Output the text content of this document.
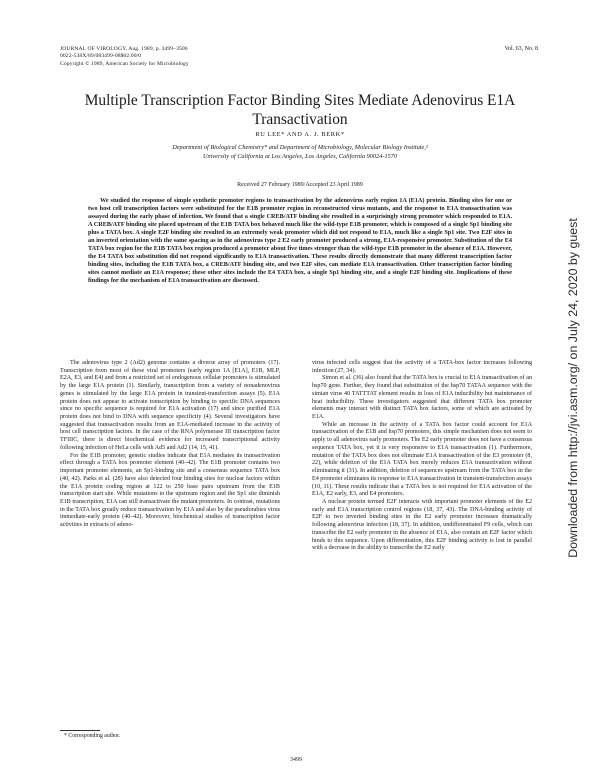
JOURNAL OF VIROLOGY, Aug. 1989, p. 3499–3506
0022-538X/89/083499-08$02.00/0
Copyright © 1989, American Society for Microbiology
Vol. 63, No. 8
Multiple Transcription Factor Binding Sites Mediate Adenovirus E1A Transactivation
RU LEE* AND A. J. BERK*
Department of Biological Chemistry* and Department of Microbiology, Molecular Biology Institute,²
University of California at Los Angeles, Los Angeles, California 90024-1570
Received 27 February 1989/Accepted 23 April 1989
We studied the response of simple synthetic promoter regions to transactivation by the adenovirus early region 1A (E1A) protein. Binding sites for one or two host cell transcription factors were substituted for the E1B promoter region in reconstructed virus mutants, and the response to E1A transactivation was assayed during the early phase of infection. We found that a single CREB/ATF binding site resulted in a surprisingly strong promoter which responded to E1A. A CREB/ATF binding site placed upstream of the E1B TATA box behaved much like the wild-type E1B promoter, which is composed of a single Sp1 binding site plus a TATA box. A single E2F binding site resulted in an extremely weak promoter which did not respond to E1A, much like a single Sp1 site. Two E2F sites in an inverted orientation with the same spacing as in the adenovirus type 2 E2 early promoter produced a strong, E1A-responsive promoter. Substitution of the E4 TATA box region for the E1B TATA box region produced a promoter about five times stronger than the wild-type E1B promoter in the absence of E1A. However, the E4 TATA box substitution did not respond significantly to E1A transactivation. These results directly demonstrate that many different transcription factor binding sites, including the E1B TATA box, a CREB/ATF binding site, and two E2F sites, can mediate E1A transactivation. Other transcription factor binding sites cannot mediate an E1A response; these other sites include the E4 TATA box, a single Sp1 binding site, and a single E2F binding site. Implications of these findings for the mechanism of E1A transactivation are discussed.

The adenovirus type 2 (Ad2) genome contains a diverse array of promoters (17). Transcription from most of these viral promoters (early region 1A [E1A], E1B, MLP, E2A, E3, and E4) and from a restricted set of endogenous cellular promoters is stimulated by the large E1A protein (1). Similarly, transcription from a variety of nonadenovirus genes is stimulated by the large E1A protein in transient-transfection assays (5). E1A protein does not appear to activate transcription by binding to specific DNA sequences since no specific sequence is required for E1A activation (17) and since purified E1A protein does not bind to DNA with sequence specificity (4). Several investigators have suggested that transactivation results from an E1A-mediated increase in the activity of host cell transcription factors. In the case of the RNA polymerase III transcription factor TFIIIC, there is direct biochemical evidence for increased transcriptional activity following infection of HeLa cells with Ad5 and Ad2 (14, 15, 41).

For the E1B promoter, genetic studies indicate that E1A mediates its transactivation effect through a TATA box promoter element (40–42). The E1B promoter contains two important promoter elements, an Sp1-binding site and a consensus sequence TATA box (40, 42). Parks et al. (28) have also detected four binding sites for nuclear factors within the E1A protein coding region at 122 to 250 base pairs upstream from the E1B transcription start site. While mutations in the upstream region and the Sp1 site diminish E1B transcription, E1A can still transactivate the mutant promoters. In contrast, mutations in the TATA box greatly reduce transactivation by E1A and also by the pseudorabies virus immediate-early protein (40–42). Moreover, biochemical studies of transcription factor activities in extracts of adeno-

virus infected cells suggest that the activity of a TATA-box factor increases following infection (27, 34).

Simon et al. (36) also found that the TATA box is crucial to E1A transactivation of an hsp70 gene. Further, they found that substitution of the hsp70 TATAA sequence with the simian virus 40 TATTTAT element results in loss of E1A inducibility but maintenance of heat inducibility. These investigators suggested that different TATA box promoter elements may interact with distinct TATA box factors, some of which are activated by E1A.

While an increase in the activity of a TATA box factor could account for E1A transactivation of the E1B and hsp70 promoters, this simple mechanism does not seem to apply to all adenovirus early promoters. The E2 early promoter does not have a consensus sequence TATA box, yet it is very responsive to E1A transactivation (1). Furthermore, mutation of the TATA box does not eliminate E1A transactivation of the E3 promoter (8, 22), while deletion of the E1A TATA box merely reduces E1A transactivation without eliminating it (31). In addition, deletion of sequences upstream from the TATA box in the E4 promoter eliminates its response to E1A transactivation in transient-transfection assays (10, 11). These results indicate that a TATA box is not required for E1A activation of the E1A, E2 early, E3, and E4 promoters.

A nuclear protein termed E2F interacts with important promoter elements of the E2 early and E1A transcription control regions (18, 37, 43). The DNA-binding activity of E2F to two inverted binding sites in the E2 early promoter increases dramatically following adenovirus infection (18, 37). In addition, undifferentiated F9 cells, which can transcribe the E2 early promoter in the absence of E1A, also contain an E2F factor which binds to this sequence. Upon differentiation, this E2F binding activity is lost in parallel with a decrease in the ability to transcribe the E2 early

* Corresponding author.
3499
Downloaded from http://jvi.asm.org/ on July 24, 2020 by guest
